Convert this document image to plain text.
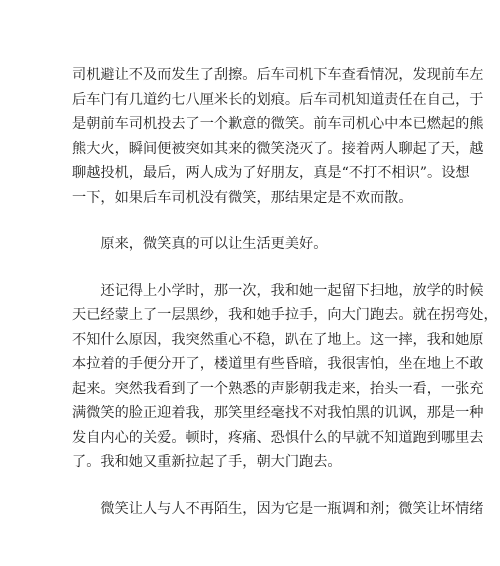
司机避让不及而发生了刮擦。后车司机下车查看情况，发现前车左
后车门有几道约七八厘米长的划痕。后车司机知道责任在自己，于
是朝前车司机投去了一个歉意的微笑。前车司机心中本已燃起的熊
熊大火，瞬间便被突如其来的微笑浇灭了。接着两人聊起了天，越
聊越投机，最后，两人成为了好朋友，真是“不打不相识”。设想
一下，如果后车司机没有微笑，那结果定是不欢而散。

　　原来，微笑真的可以让生活更美好。

　　还记得上小学时，那一次，我和她一起留下扫地，放学的时候
天已经蒙上了一层黑纱，我和她手拉手，向大门跑去。就在拐弯处，
不知什么原因，我突然重心不稳，趴在了地上。这一摔，我和她原
本拉着的手便分开了，楼道里有些昏暗，我很害怕，坐在地上不敢
起来。突然我看到了一个熟悉的声影朝我走来，抬头一看，一张充
满微笑的脸正迎着我，那笑里经毫找不对我怕黑的讥讽，那是一种
发自内心的关爱。顿时，疼痛、恐惧什么的早就不知道跑到哪里去
了。我和她又重新拉起了手，朝大门跑去。

　　微笑让人与人不再陌生，因为它是一瓶调和剂；微笑让坏情绪
